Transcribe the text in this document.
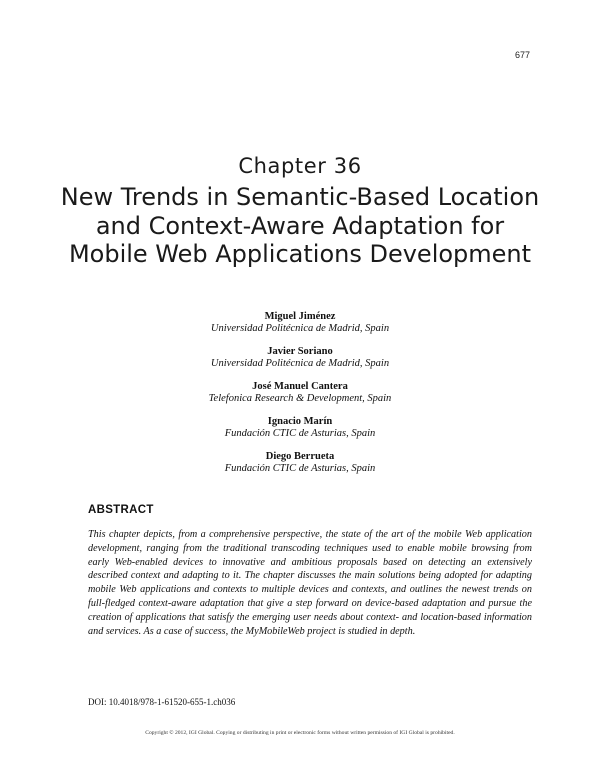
677
Chapter 36
New Trends in Semantic-Based Location and Context-Aware Adaptation for Mobile Web Applications Development
Miguel Jiménez
Universidad Politécnica de Madrid, Spain
Javier Soriano
Universidad Politécnica de Madrid, Spain
José Manuel Cantera
Telefonica Research & Development, Spain
Ignacio Marín
Fundación CTIC de Asturias, Spain
Diego Berrueta
Fundación CTIC de Asturias, Spain
ABSTRACT

This chapter depicts, from a comprehensive perspective, the state of the art of the mobile Web application development, ranging from the traditional transcoding techniques used to enable mobile browsing from early Web-enabled devices to innovative and ambitious proposals based on detecting an extensively described context and adapting to it. The chapter discusses the main solutions being adopted for adapting mobile Web applications and contexts to multiple devices and contexts, and outlines the newest trends on full-fledged context-aware adaptation that give a step forward on device-based adaptation and pursue the creation of applications that satisfy the emerging user needs about context- and location-based information and services. As a case of success, the MyMobileWeb project is studied in depth.

DOI: 10.4018/978-1-61520-655-1.ch036
Copyright © 2012, IGI Global. Copying or distributing in print or electronic forms without written permission of IGI Global is prohibited.
